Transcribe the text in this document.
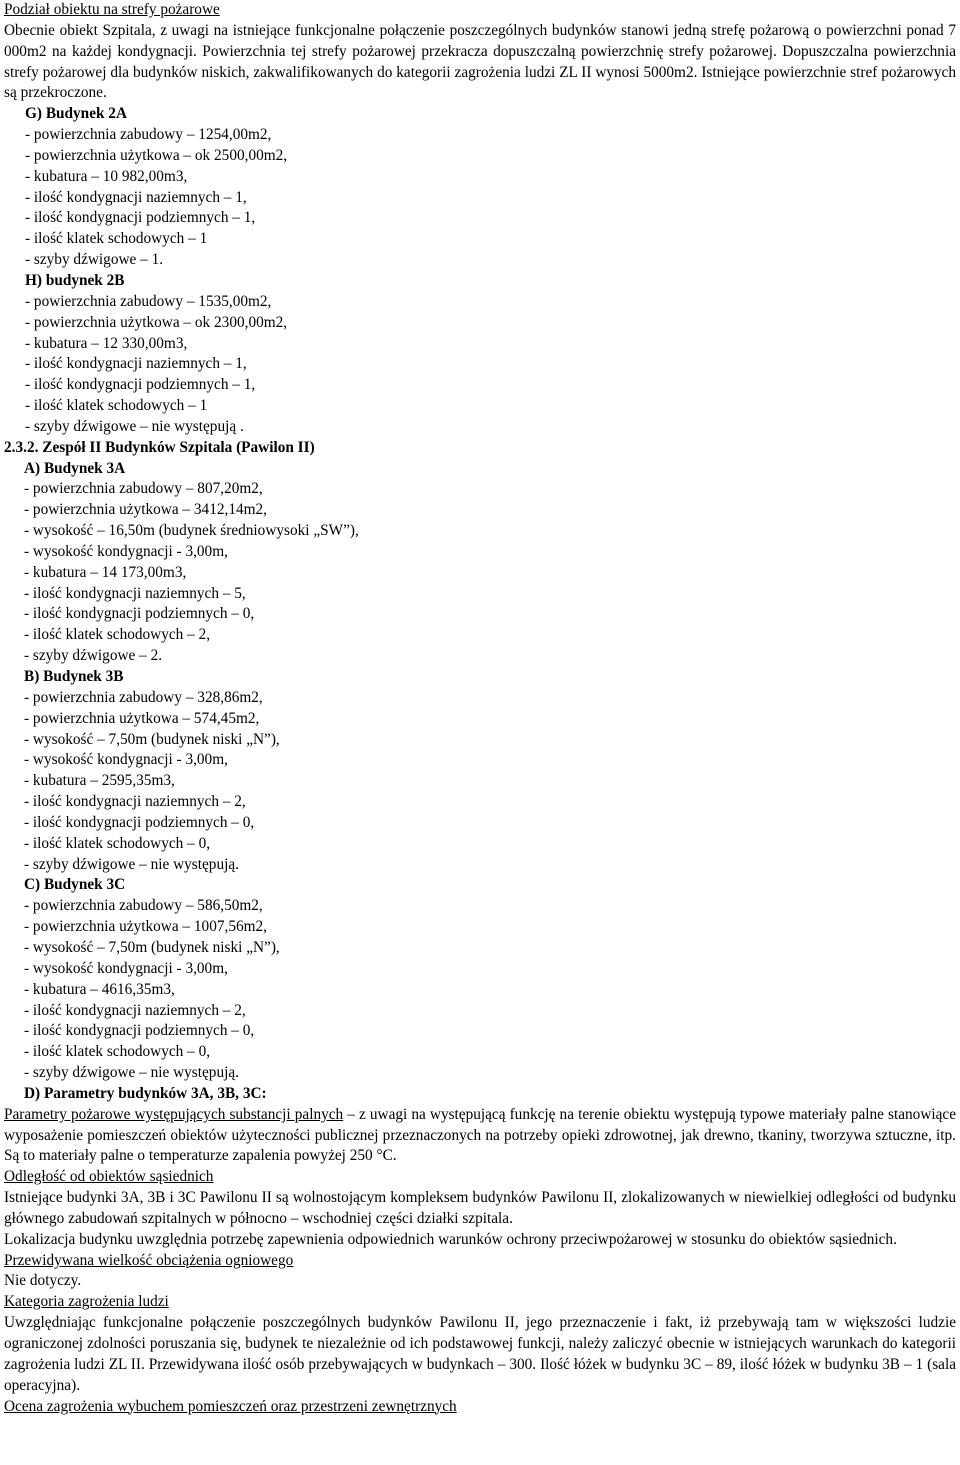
Podział obiektu na strefy pożarowe

Obecnie obiekt Szpitala, z uwagi na istniejące funkcjonalne połączenie poszczególnych budynków stanowi jedną strefę pożarową o powierzchni ponad 7 000m2 na każdej kondygnacji. Powierzchnia tej strefy pożarowej przekracza dopuszczalną powierzchnię strefy pożarowej. Dopuszczalna powierzchnia strefy pożarowej dla budynków niskich, zakwalifikowanych do kategorii zagrożenia ludzi ZL II wynosi 5000m2. Istniejące powierzchnie stref pożarowych są przekroczone.

G) Budynek 2A

- powierzchnia zabudowy – 1254,00m2,
- powierzchnia użytkowa – ok 2500,00m2,
- kubatura – 10 982,00m3,
- ilość kondygnacji naziemnych – 1,
- ilość kondygnacji podziemnych – 1,
- ilość klatek schodowych – 1
- szyby dźwigowe – 1.

H) budynek 2B

- powierzchnia zabudowy – 1535,00m2,
- powierzchnia użytkowa – ok 2300,00m2,
- kubatura – 12 330,00m3,
- ilość kondygnacji naziemnych – 1,
- ilość kondygnacji podziemnych – 1,
- ilość klatek schodowych – 1
- szyby dźwigowe – nie występują .

2.3.2. Zespół II Budynków Szpitala (Pawilon II)

A) Budynek 3A

- powierzchnia zabudowy – 807,20m2,
- powierzchnia użytkowa – 3412,14m2,
- wysokość – 16,50m (budynek średniowysoki „SW”),
- wysokość kondygnacji - 3,00m,
- kubatura – 14 173,00m3,
- ilość kondygnacji naziemnych – 5,
- ilość kondygnacji podziemnych – 0,
- ilość klatek schodowych – 2,
- szyby dźwigowe – 2.

B) Budynek 3B

- powierzchnia zabudowy – 328,86m2,
- powierzchnia użytkowa – 574,45m2,
- wysokość – 7,50m (budynek niski „N”),
- wysokość kondygnacji - 3,00m,
- kubatura – 2595,35m3,
- ilość kondygnacji naziemnych – 2,
- ilość kondygnacji podziemnych – 0,
- ilość klatek schodowych – 0,
- szyby dźwigowe – nie występują.

C) Budynek 3C

- powierzchnia zabudowy – 586,50m2,
- powierzchnia użytkowa – 1007,56m2,
- wysokość – 7,50m (budynek niski „N”),
- wysokość kondygnacji - 3,00m,
- kubatura – 4616,35m3,
- ilość kondygnacji naziemnych – 2,
- ilość kondygnacji podziemnych – 0,
- ilość klatek schodowych – 0,
- szyby dźwigowe – nie występują.

D) Parametry budynków 3A, 3B, 3C:

Parametry pożarowe występujących substancji palnych – z uwagi na występującą funkcję na terenie obiektu występują typowe materiały palne stanowiące wyposażenie pomieszczeń obiektów użyteczności publicznej przeznaczonych na potrzeby opieki zdrowotnej, jak drewno, tkaniny, tworzywa sztuczne, itp. Są to materiały palne o temperaturze zapalenia powyżej 250 °C.

Odległość od obiektów sąsiednich

Istniejące budynki 3A, 3B i 3C Pawilonu II są wolnostojącym kompleksem budynków Pawilonu II, zlokalizowanych w niewielkiej odległości od budynku głównego zabudowań szpitalnych w północno – wschodniej części działki szpitala.

Lokalizacja budynku uwzględnia potrzebę zapewnienia odpowiednich warunków ochrony przeciwpożarowej w stosunku do obiektów sąsiednich.

Przewidywana wielkość obciążenia ogniowego

Nie dotyczy.

Kategoria zagrożenia ludzi

Uwzględniając funkcjonalne połączenie poszczególnych budynków Pawilonu II, jego przeznaczenie i fakt, iż przebywają tam w większości ludzie ograniczonej zdolności poruszania się, budynek te niezależnie od ich podstawowej funkcji, należy zaliczyć obecnie w istniejących warunkach do kategorii zagrożenia ludzi ZL II. Przewidywana ilość osób przebywających w budynkach – 300. Ilość łóżek w budynku 3C – 89, ilość łóżek w budynku 3B – 1 (sala operacyjna).

Ocena zagrożenia wybuchem pomieszczeń oraz przestrzeni zewnętrznych
